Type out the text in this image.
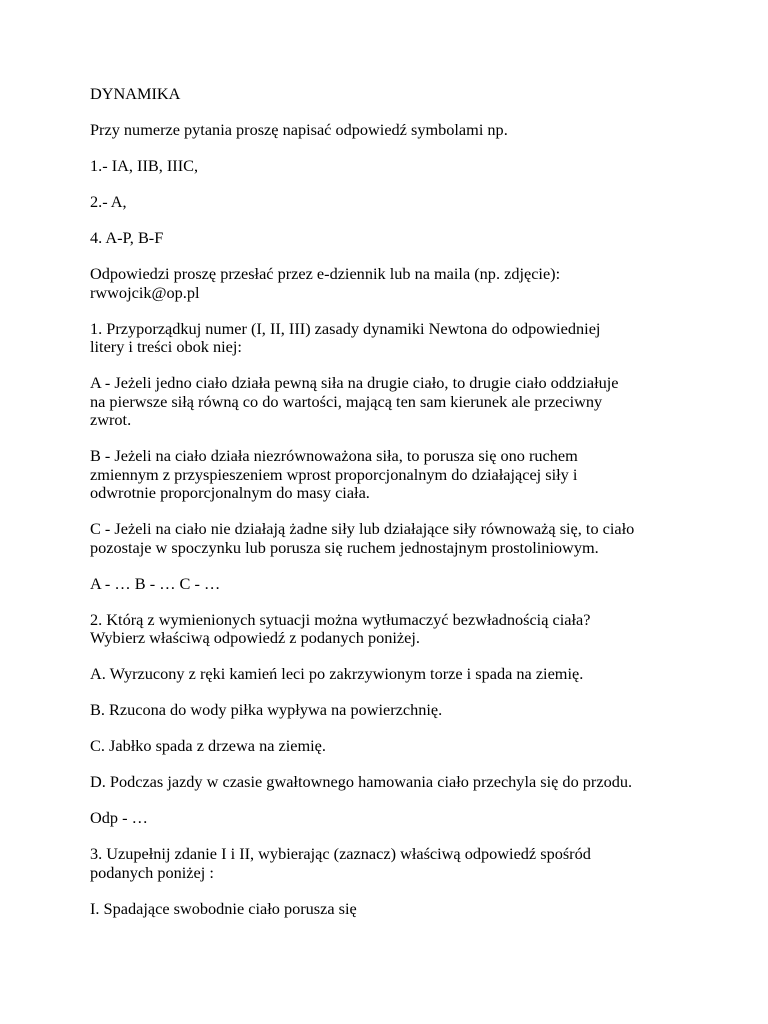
DYNAMIKA

Przy numerze pytania proszę napisać odpowiedź symbolami np.

1.- IA, IIB, IIIC,

2.- A,

4. A-P, B-F

Odpowiedzi proszę przesłać przez e-dziennik lub na maila (np. zdjęcie):
rwwojcik@op.pl

1. Przyporządkuj numer (I, II, III) zasady dynamiki Newtona do odpowiedniej
litery i treści obok niej:

A - Jeżeli jedno ciało działa pewną siła na drugie ciało, to drugie ciało oddziałuje
na pierwsze siłą równą co do wartości, mającą ten sam kierunek ale przeciwny
zwrot.

B - Jeżeli na ciało działa niezrównoważona siła, to porusza się ono ruchem
zmiennym z przyspieszeniem wprost proporcjonalnym do działającej siły i
odwrotnie proporcjonalnym do masy ciała.

C - Jeżeli na ciało nie działają żadne siły lub działające siły równoważą się, to ciało
pozostaje w spoczynku lub porusza się ruchem jednostajnym prostoliniowym.

A - … B - … C - …

2. Którą z wymienionych sytuacji można wytłumaczyć bezwładnością ciała?
Wybierz właściwą odpowiedź z podanych poniżej.

A. Wyrzucony z ręki kamień leci po zakrzywionym torze i spada na ziemię.

B. Rzucona do wody piłka wypływa na powierzchnię.

C. Jabłko spada z drzewa na ziemię.

D. Podczas jazdy w czasie gwałtownego hamowania ciało przechyla się do przodu.

Odp - …

3. Uzupełnij zdanie I i II, wybierając (zaznacz) właściwą odpowiedź spośród
podanych poniżej :

I. Spadające swobodnie ciało porusza się
